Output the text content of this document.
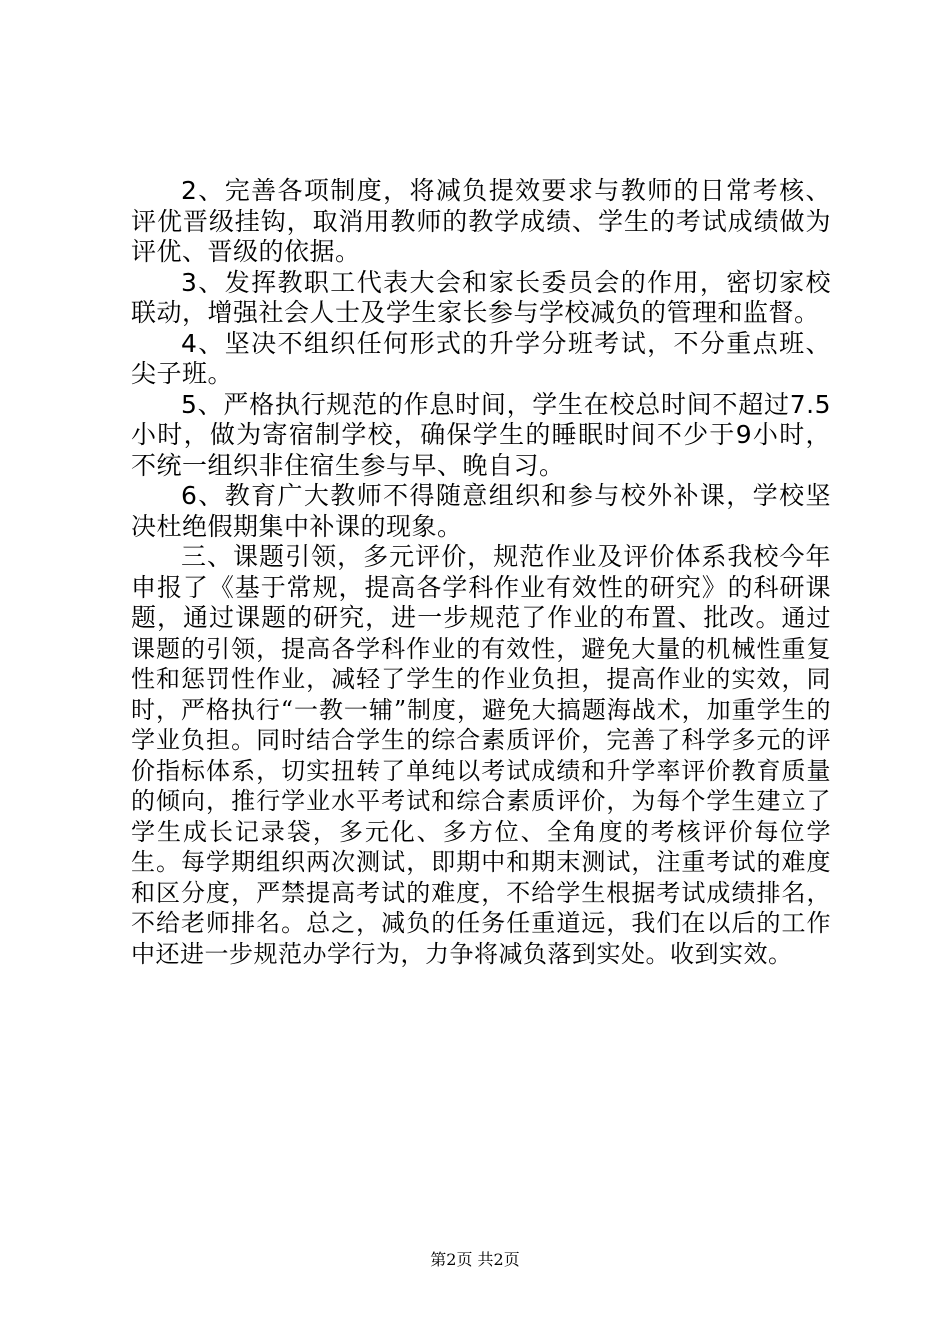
2、完善各项制度，将减负提效要求与教师的日常考核、评优晋级挂钩，取消用教师的教学成绩、学生的考试成绩做为评优、晋级的依据。

3、发挥教职工代表大会和家长委员会的作用，密切家校联动，增强社会人士及学生家长参与学校减负的管理和监督。

4、坚决不组织任何形式的升学分班考试，不分重点班、尖子班。

5、严格执行规范的作息时间，学生在校总时间不超过7.5小时，做为寄宿制学校，确保学生的睡眠时间不少于9小时，不统一组织非住宿生参与早、晚自习。

6、教育广大教师不得随意组织和参与校外补课，学校坚决杜绝假期集中补课的现象。

三、课题引领，多元评价，规范作业及评价体系我校今年申报了《基于常规，提高各学科作业有效性的研究》的科研课题，通过课题的研究，进一步规范了作业的布置、批改。通过课题的引领，提高各学科作业的有效性，避免大量的机械性重复性和惩罚性作业，减轻了学生的作业负担，提高作业的实效，同时，严格执行“一教一辅”制度，避免大搞题海战术，加重学生的学业负担。同时结合学生的综合素质评价，完善了科学多元的评价指标体系，切实扭转了单纯以考试成绩和升学率评价教育质量的倾向，推行学业水平考试和综合素质评价，为每个学生建立了学生成长记录袋，多元化、多方位、全角度的考核评价每位学生。每学期组织两次测试，即期中和期末测试，注重考试的难度和区分度，严禁提高考试的难度，不给学生根据考试成绩排名，不给老师排名。总之，减负的任务任重道远，我们在以后的工作中还进一步规范办学行为，力争将减负落到实处。收到实效。

第2页 共2页
